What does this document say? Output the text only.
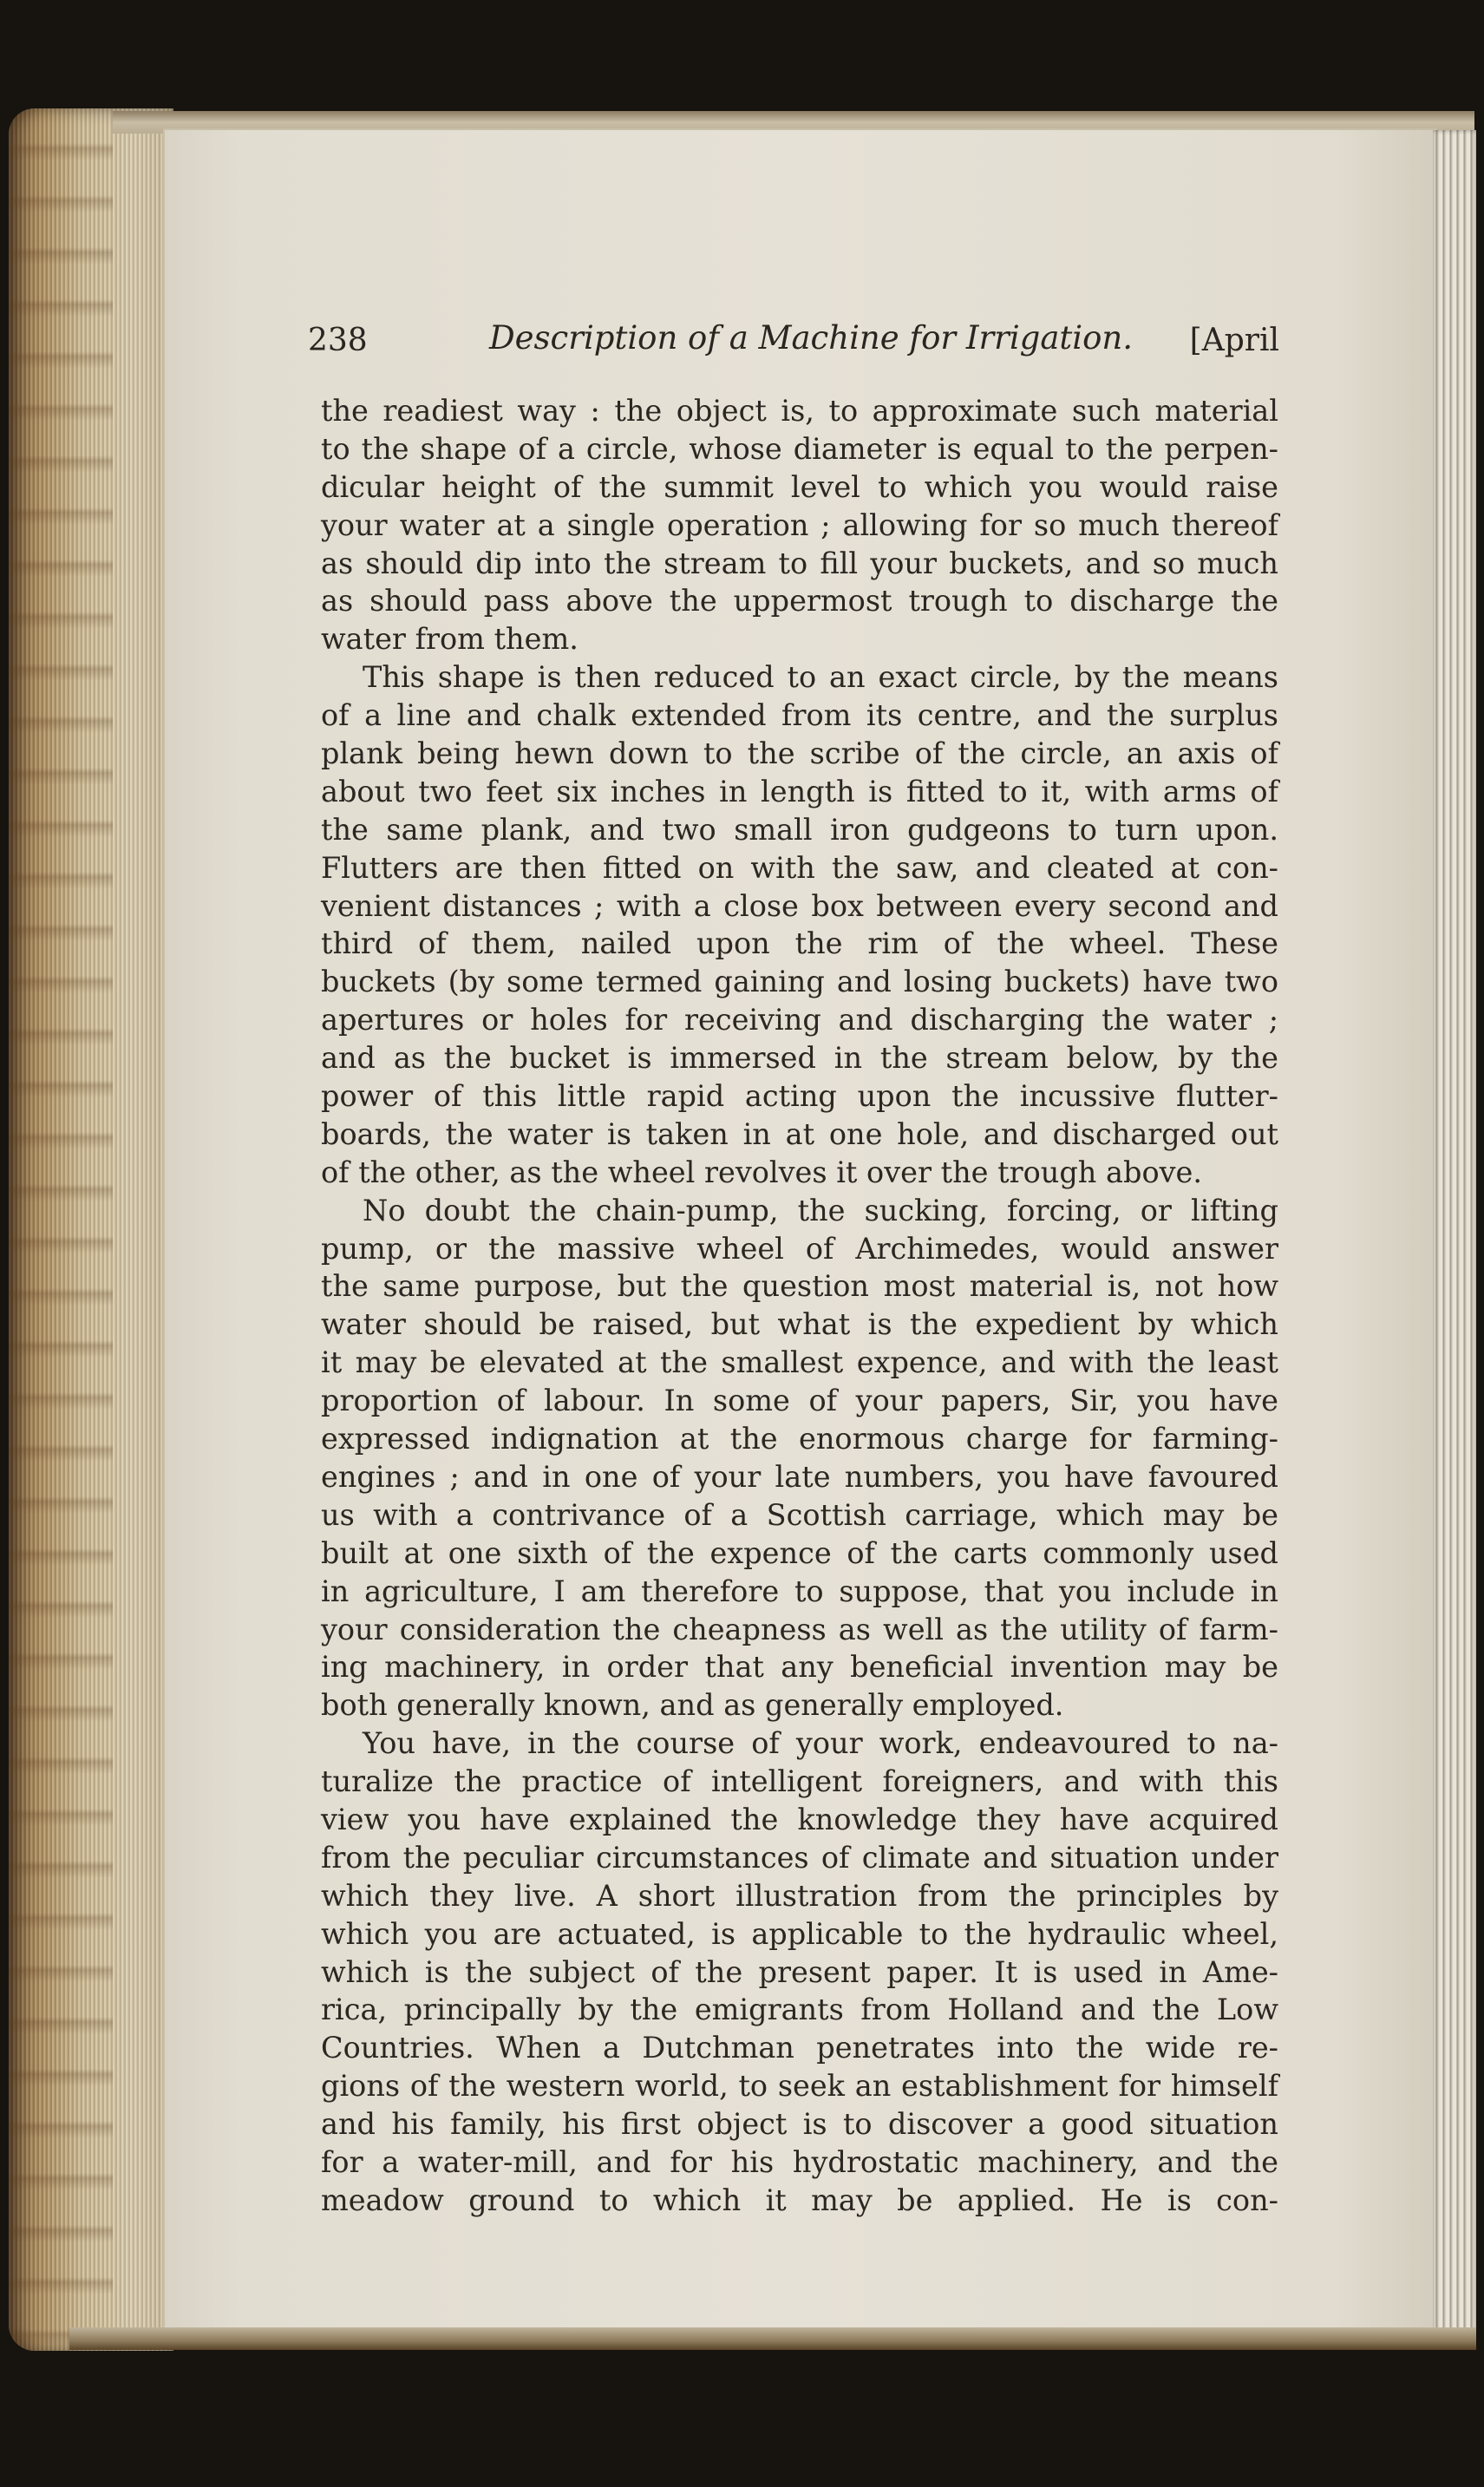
238	Description of a Machine for Irrigation.	[April
the readiest way : the object is, to approximate such material
to the shape of a circle, whose diameter is equal to the perpen-
dicular height of the summit level to which you would raise
your water at a single operation ; allowing for so much thereof
as should dip into the stream to fill your buckets, and so much
as should pass above the uppermost trough to discharge the
water from them.
This shape is then reduced to an exact circle, by the means
of a line and chalk extended from its centre, and the surplus
plank being hewn down to the scribe of the circle, an axis of
about two feet six inches in length is fitted to it, with arms of
the same plank, and two small iron gudgeons to turn upon.
Flutters are then fitted on with the saw, and cleated at con-
venient distances ; with a close box between every second and
third of them, nailed upon the rim of the wheel. These
buckets (by some termed gaining and losing buckets) have two
apertures or holes for receiving and discharging the water ;
and as the bucket is immersed in the stream below, by the
power of this little rapid acting upon the incussive flutter-
boards, the water is taken in at one hole, and discharged out
of the other, as the wheel revolves it over the trough above.
No doubt the chain-pump, the sucking, forcing, or lifting
pump, or the massive wheel of Archimedes, would answer
the same purpose, but the question most material is, not how
water should be raised, but what is the expedient by which
it may be elevated at the smallest expence, and with the least
proportion of labour. In some of your papers, Sir, you have
expressed indignation at the enormous charge for farming-
engines ; and in one of your late numbers, you have favoured
us with a contrivance of a Scottish carriage, which may be
built at one sixth of the expence of the carts commonly used
in agriculture, I am therefore to suppose, that you include in
your consideration the cheapness as well as the utility of farm-
ing machinery, in order that any beneficial invention may be
both generally known, and as generally employed.
You have, in the course of your work, endeavoured to na-
turalize the practice of intelligent foreigners, and with this
view you have explained the knowledge they have acquired
from the peculiar circumstances of climate and situation under
which they live. A short illustration from the principles by
which you are actuated, is applicable to the hydraulic wheel,
which is the subject of the present paper. It is used in Ame-
rica, principally by the emigrants from Holland and the Low
Countries. When a Dutchman penetrates into the wide re-
gions of the western world, to seek an establishment for himself
and his family, his first object is to discover a good situation
for a water-mill, and for his hydrostatic machinery, and the
meadow ground to which it may be applied. He is con-
